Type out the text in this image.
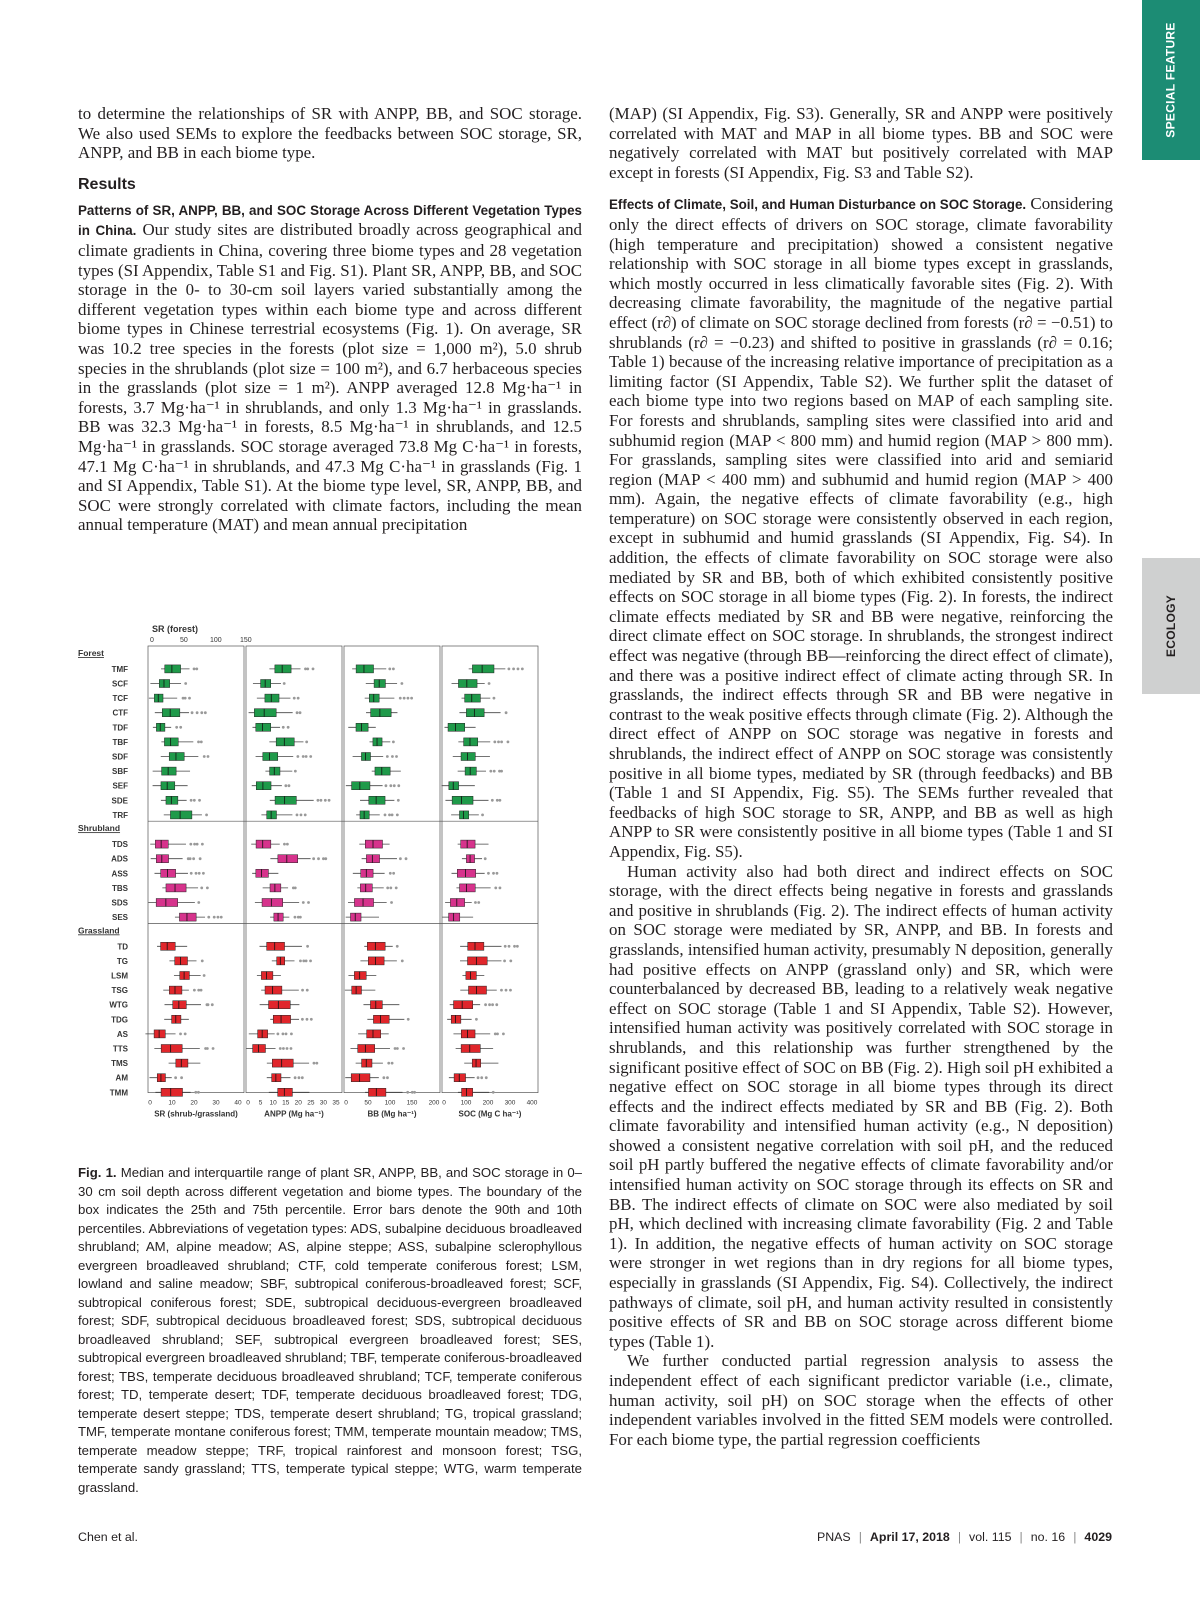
SPECIAL FEATURE
ECOLOGY

to determine the relationships of SR with ANPP, BB, and SOC storage. We also used SEMs to explore the feedbacks between SOC storage, SR, ANPP, and BB in each biome type.

Results

Patterns of SR, ANPP, BB, and SOC Storage Across Different Vegetation Types in China. Our study sites are distributed broadly across geographical and climate gradients in China, covering three biome types and 28 vegetation types (SI Appendix, Table S1 and Fig. S1). Plant SR, ANPP, BB, and SOC storage in the 0- to 30-cm soil layers varied substantially among the different vegetation types within each biome type and across different biome types in Chinese terrestrial ecosystems (Fig. 1). On average, SR was 10.2 tree species in the forests (plot size = 1,000 m²), 5.0 shrub species in the shrublands (plot size = 100 m²), and 6.7 herbaceous species in the grasslands (plot size = 1 m²). ANPP averaged 12.8 Mg·ha⁻¹ in forests, 3.7 Mg·ha⁻¹ in shrublands, and only 1.3 Mg·ha⁻¹ in grasslands. BB was 32.3 Mg·ha⁻¹ in forests, 8.5 Mg·ha⁻¹ in shrublands, and 12.5 Mg·ha⁻¹ in grasslands. SOC storage averaged 73.8 Mg C·ha⁻¹ in forests, 47.1 Mg C·ha⁻¹ in shrublands, and 47.3 Mg C·ha⁻¹ in grasslands (Fig. 1 and SI Appendix, Table S1). At the biome type level, SR, ANPP, BB, and SOC were strongly correlated with climate factors, including the mean annual temperature (MAT) and mean annual precipitation

SR (forest)
0	50	100	150
Forest
TMF
SCF
TCF
CTF
TDF
TBF
SDF
SBF
SEF
SDE
TRF
Shrubland
TDS
ADS
ASS
TBS
SDS
SES
Grassland
TD
TG
LSM
TSG
WTG
TDG
AS
TTS
TMS
AM
TMM
0	10 20 30 40
SR (shrub-/grassland)
0 5 10 15 20 25 30 35
ANPP (Mg ha⁻¹)
0	50 100 150 200
BB (Mg ha⁻¹)
0 100 200 300 400
SOC (Mg C ha⁻¹)
Fig. 1. Median and interquartile range of plant SR, ANPP, BB, and SOC storage in 0–30 cm soil depth across different vegetation and biome types. The boundary of the box indicates the 25th and 75th percentile. Error bars denote the 90th and 10th percentiles. Abbreviations of vegetation types: ADS, subalpine deciduous broadleaved shrubland; AM, alpine meadow; AS, alpine steppe; ASS, subalpine sclerophyllous evergreen broadleaved shrubland; CTF, cold temperate coniferous forest; LSM, lowland and saline meadow; SBF, subtropical coniferous-broadleaved forest; SCF, subtropical coniferous forest; SDE, subtropical deciduous-evergreen broadleaved forest; SDF, subtropical deciduous broadleaved forest; SDS, subtropical deciduous broadleaved shrubland; SEF, subtropical evergreen broadleaved forest; SES, subtropical evergreen broadleaved shrubland; TBF, temperate coniferous-broadleaved forest; TBS, temperate deciduous broadleaved shrubland; TCF, temperate coniferous forest; TD, temperate desert; TDF, temperate deciduous broadleaved forest; TDG, temperate desert steppe; TDS, temperate desert shrubland; TG, tropical grassland; TMF, temperate montane coniferous forest; TMM, temperate mountain meadow; TMS, temperate meadow steppe; TRF, tropical rainforest and monsoon forest; TSG, temperate sandy grassland; TTS, temperate typical steppe; WTG, warm temperate grassland.

(MAP) (SI Appendix, Fig. S3). Generally, SR and ANPP were positively correlated with MAT and MAP in all biome types. BB and SOC were negatively correlated with MAT but positively correlated with MAP except in forests (SI Appendix, Fig. S3 and Table S2).

Effects of Climate, Soil, and Human Disturbance on SOC Storage. Considering only the direct effects of drivers on SOC storage, climate favorability (high temperature and precipitation) showed a consistent negative relationship with SOC storage in all biome types except in grasslands, which mostly occurred in less climatically favorable sites (Fig. 2). With decreasing climate favorability, the magnitude of the negative partial effect (r∂) of climate on SOC storage declined from forests (r∂ = −0.51) to shrublands (r∂ = −0.23) and shifted to positive in grasslands (r∂ = 0.16; Table 1) because of the increasing relative importance of precipitation as a limiting factor (SI Appendix, Table S2). We further split the dataset of each biome type into two regions based on MAP of each sampling site. For forests and shrublands, sampling sites were classified into arid and subhumid region (MAP < 800 mm) and humid region (MAP > 800 mm). For grasslands, sampling sites were classified into arid and semiarid region (MAP < 400 mm) and subhumid and humid region (MAP > 400 mm). Again, the negative effects of climate favorability (e.g., high temperature) on SOC storage were consistently observed in each region, except in subhumid and humid grasslands (SI Appendix, Fig. S4). In addition, the effects of climate favorability on SOC storage were also mediated by SR and BB, both of which exhibited consistently positive effects on SOC storage in all biome types (Fig. 2). In forests, the indirect climate effects mediated by SR and BB were negative, reinforcing the direct climate effect on SOC storage. In shrublands, the strongest indirect effect was negative (through BB—reinforcing the direct effect of climate), and there was a positive indirect effect of climate acting through SR. In grasslands, the indirect effects through SR and BB were negative in contrast to the weak positive effects through climate (Fig. 2). Although the direct effect of ANPP on SOC storage was negative in forests and shrublands, the indirect effect of ANPP on SOC storage was consistently positive in all biome types, mediated by SR (through feedbacks) and BB (Table 1 and SI Appendix, Fig. S5). The SEMs further revealed that feedbacks of high SOC storage to SR, ANPP, and BB as well as high ANPP to SR were consistently positive in all biome types (Table 1 and SI Appendix, Fig. S5).

Human activity also had both direct and indirect effects on SOC storage, with the direct effects being negative in forests and grasslands and positive in shrublands (Fig. 2). The indirect effects of human activity on SOC storage were mediated by SR, ANPP, and BB. In forests and grasslands, intensified human activity, presumably N deposition, generally had positive effects on ANPP (grassland only) and SR, which were counterbalanced by decreased BB, leading to a relatively weak negative effect on SOC storage (Table 1 and SI Appendix, Table S2). However, intensified human activity was positively correlated with SOC storage in shrublands, and this relationship was further strengthened by the significant positive effect of SOC on BB (Fig. 2). High soil pH exhibited a negative effect on SOC storage in all biome types through its direct effects and the indirect effects mediated by SR and BB (Fig. 2). Both climate favorability and intensified human activity (e.g., N deposition) showed a consistent negative correlation with soil pH, and the reduced soil pH partly buffered the negative effects of climate favorability and/or intensified human activity on SOC storage through its effects on SR and BB. The indirect effects of climate on SOC were also mediated by soil pH, which declined with increasing climate favorability (Fig. 2 and Table 1). In addition, the negative effects of human activity on SOC storage were stronger in wet regions than in dry regions for all biome types, especially in grasslands (SI Appendix, Fig. S4). Collectively, the indirect pathways of climate, soil pH, and human activity resulted in consistently positive effects of SR and BB on SOC storage across different biome types (Table 1).

We further conducted partial regression analysis to assess the independent effect of each significant predictor variable (i.e., climate, human activity, soil pH) on SOC storage when the effects of other independent variables involved in the fitted SEM models were controlled. For each biome type, the partial regression coefficients

Chen et al.	PNAS | April 17, 2018 | vol. 115 | no. 16 | 4029
